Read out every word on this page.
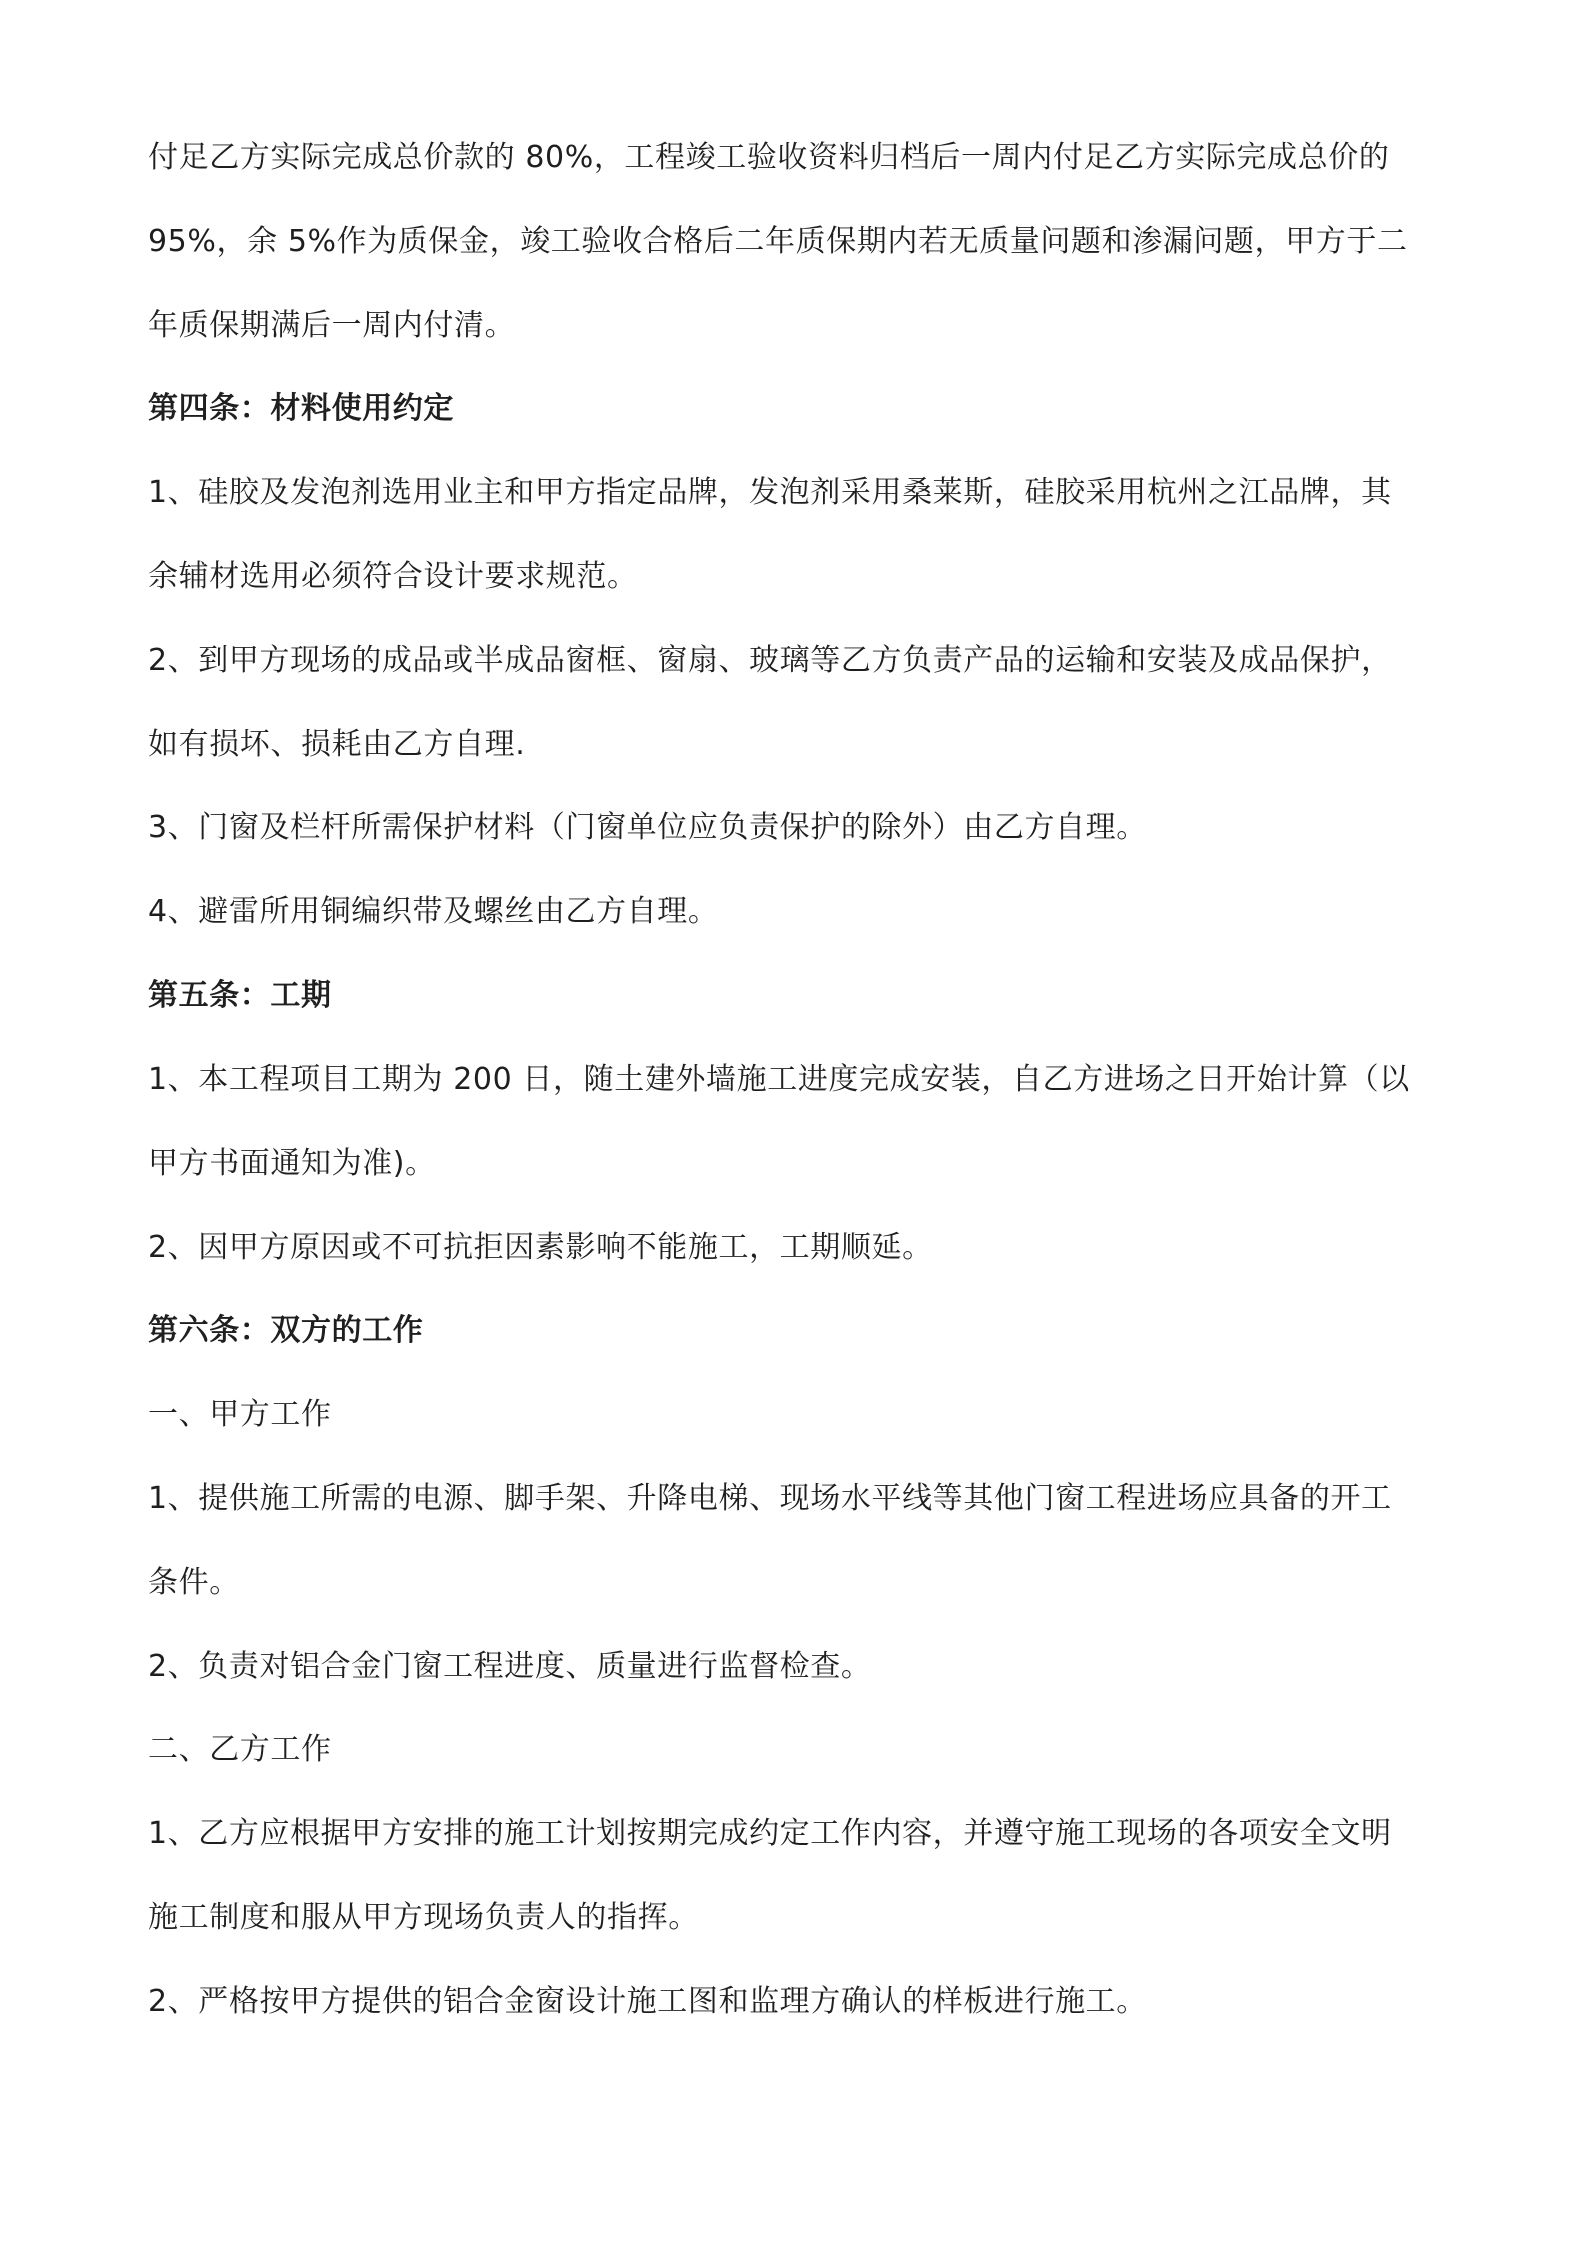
付足乙方实际完成总价款的 80%，工程竣工验收资料归档后一周内付足乙方实际完成总价的
95%，余 5%作为质保金，竣工验收合格后二年质保期内若无质量问题和渗漏问题，甲方于二
年质保期满后一周内付清。
第四条：材料使用约定
1、硅胶及发泡剂选用业主和甲方指定品牌，发泡剂采用桑莱斯，硅胶采用杭州之江品牌，其
余辅材选用必须符合设计要求规范。
2、到甲方现场的成品或半成品窗框、窗扇、玻璃等乙方负责产品的运输和安装及成品保护，
如有损坏、损耗由乙方自理.
3、门窗及栏杆所需保护材料（门窗单位应负责保护的除外）由乙方自理。
4、避雷所用铜编织带及螺丝由乙方自理。
第五条：工期
1、本工程项目工期为 200 日，随土建外墙施工进度完成安装，自乙方进场之日开始计算（以
甲方书面通知为准)。
2、因甲方原因或不可抗拒因素影响不能施工，工期顺延。
第六条：双方的工作
一、甲方工作
1、提供施工所需的电源、脚手架、升降电梯、现场水平线等其他门窗工程进场应具备的开工
条件。
2、负责对铝合金门窗工程进度、质量进行监督检查。
二、乙方工作
1、乙方应根据甲方安排的施工计划按期完成约定工作内容，并遵守施工现场的各项安全文明
施工制度和服从甲方现场负责人的指挥。
2、严格按甲方提供的铝合金窗设计施工图和监理方确认的样板进行施工。
